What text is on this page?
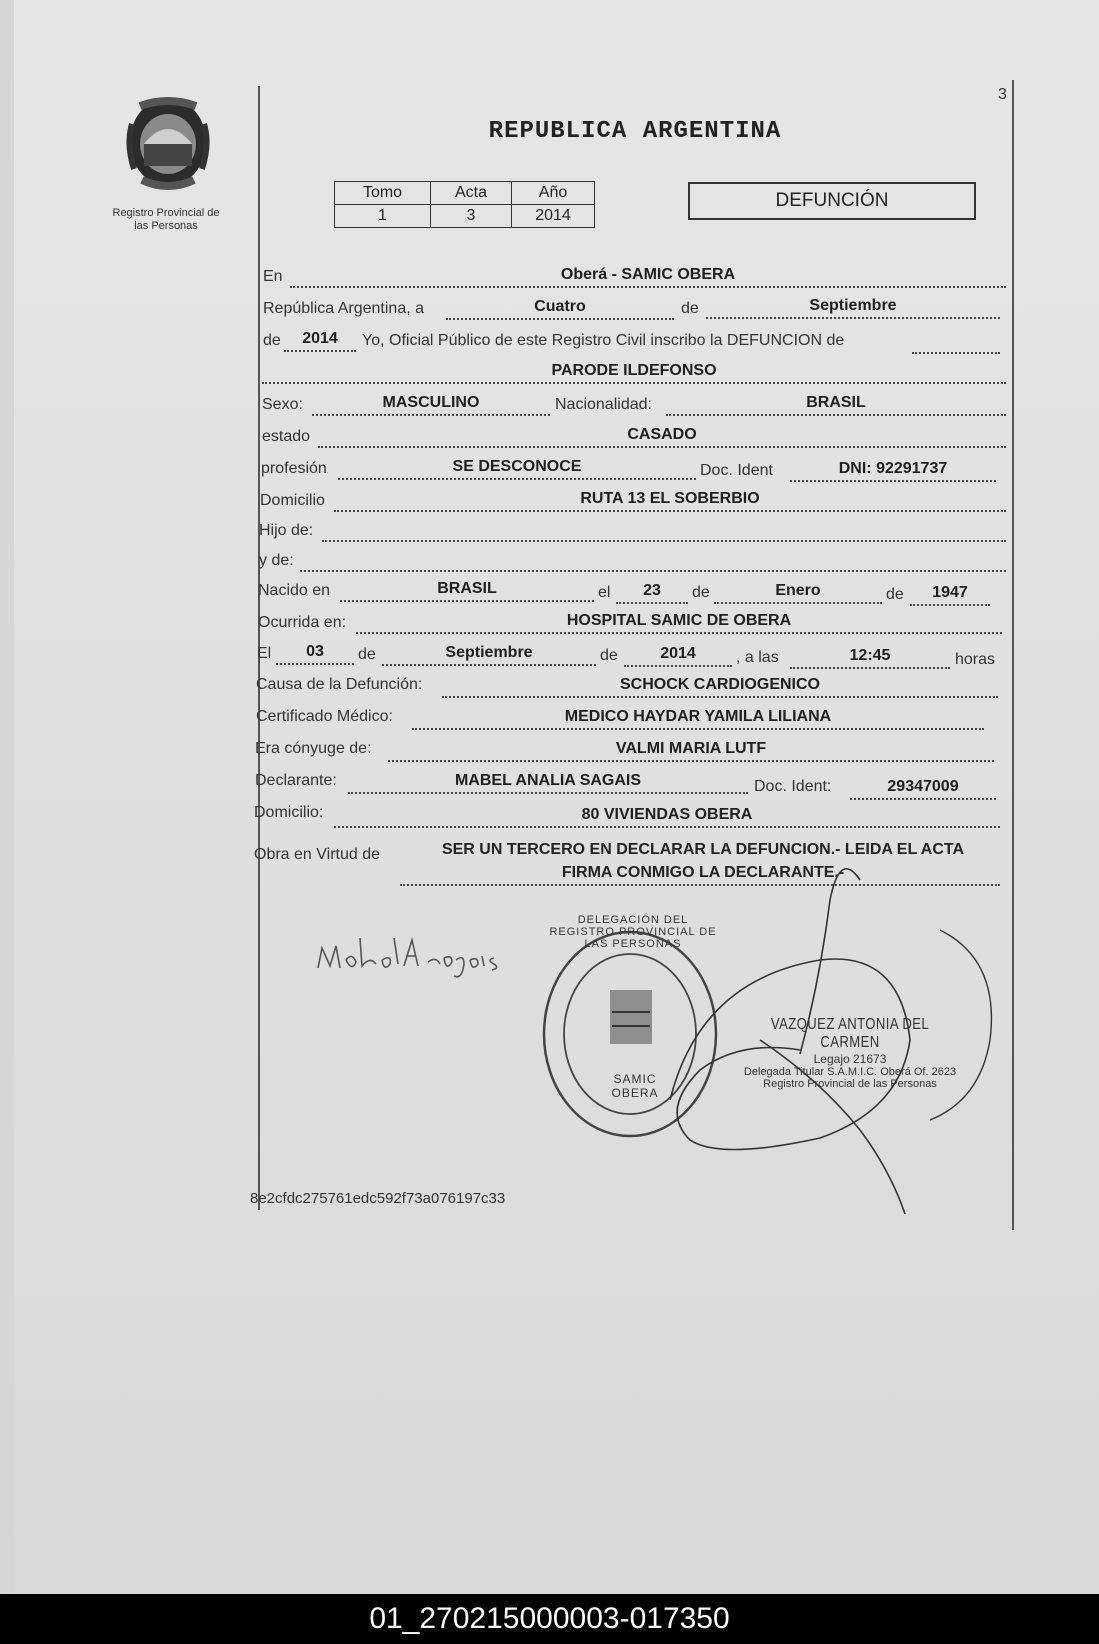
3
Registro Provincial de
las Personas
REPUBLICA ARGENTINA
Tomo	Acta	Año
1	3	2014
DEFUNCIÓN
En	Oberá - SAMIC OBERA
República Argentina, a	Cuatro	de	Septiembre
de	2014	Yo, Oficial Público de este Registro Civil inscribo la DEFUNCION de
PARODE ILDEFONSO
Sexo:	MASCULINO	Nacionalidad:	BRASIL
estado	CASADO
profesión	SE DESCONOCE	Doc. Ident	DNI: 92291737
Domicilio	RUTA 13 EL SOBERBIO
Hijo de:
y de:
Nacido en	BRASIL	el	23	de	Enero	de	1947
Ocurrida en:	HOSPITAL SAMIC DE OBERA
El	03	de	Septiembre	de	2014	, a las	12:45	horas
Causa de la Defunción:	SCHOCK CARDIOGENICO
Certificado Médico:	MEDICO HAYDAR YAMILA LILIANA
Era cónyuge de:	VALMI MARIA LUTF
Declarante:	MABEL ANALIA SAGAIS	Doc. Ident:	29347009
Domicilio:	80 VIVIENDAS OBERA
Obra en Virtud de	SER UN TERCERO EN DECLARAR LA DEFUNCION.- LEIDA EL ACTA
FIRMA CONMIGO LA DECLARANTE.-
DELEGACIÓN DEL REGISTRO PROVINCIAL DE LAS PERSONAS
SAMIC OBERA
VAZQUEZ ANTONIA DEL CARMEN
Legajo 21673
Delegada Titular S.A.M.I.C. Oberá Of. 2623
Registro Provincial de las Personas
8e2cfdc275761edc592f73a076197c33
01_270215000003-017350
